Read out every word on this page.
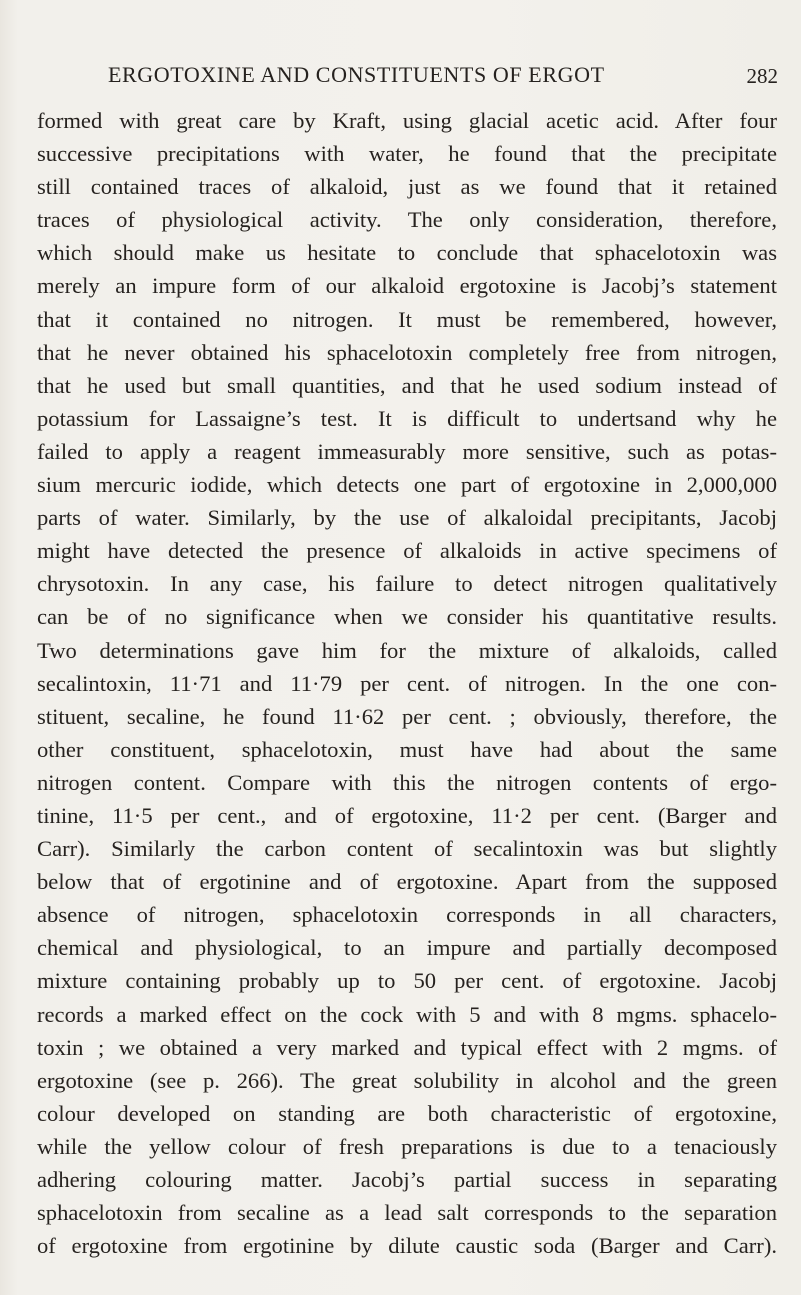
ERGOTOXINE AND CONSTITUENTS OF ERGOT	282
formed with great care by Kraft, using glacial acetic acid. After four
successive precipitations with water, he found that the precipitate
still contained traces of alkaloid, just as we found that it retained
traces of physiological activity. The only consideration, therefore,
which should make us hesitate to conclude that sphacelotoxin was
merely an impure form of our alkaloid ergotoxine is Jacobj’s statement
that it contained no nitrogen. It must be remembered, however,
that he never obtained his sphacelotoxin completely free from nitrogen,
that he used but small quantities, and that he used sodium instead of
potassium for Lassaigne’s test. It is difficult to undertsand why he
failed to apply a reagent immeasurably more sensitive, such as potas-
sium mercuric iodide, which detects one part of ergotoxine in 2,000,000
parts of water. Similarly, by the use of alkaloidal precipitants, Jacobj
might have detected the presence of alkaloids in active specimens of
chrysotoxin. In any case, his failure to detect nitrogen qualitatively
can be of no significance when we consider his quantitative results.
Two determinations gave him for the mixture of alkaloids, called
secalintoxin, 11·71 and 11·79 per cent. of nitrogen. In the one con-
stituent, secaline, he found 11·62 per cent. ; obviously, therefore, the
other constituent, sphacelotoxin, must have had about the same
nitrogen content. Compare with this the nitrogen contents of ergo-
tinine, 11·5 per cent., and of ergotoxine, 11·2 per cent. (Barger and
Carr). Similarly the carbon content of secalintoxin was but slightly
below that of ergotinine and of ergotoxine. Apart from the supposed
absence of nitrogen, sphacelotoxin corresponds in all characters,
chemical and physiological, to an impure and partially decomposed
mixture containing probably up to 50 per cent. of ergotoxine. Jacobj
records a marked effect on the cock with 5 and with 8 mgms. sphacelo-
toxin ; we obtained a very marked and typical effect with 2 mgms. of
ergotoxine (see p. 266). The great solubility in alcohol and the green
colour developed on standing are both characteristic of ergotoxine,
while the yellow colour of fresh preparations is due to a tenaciously
adhering colouring matter. Jacobj’s partial success in separating
sphacelotoxin from secaline as a lead salt corresponds to the separation
of ergotoxine from ergotinine by dilute caustic soda (Barger and Carr).
